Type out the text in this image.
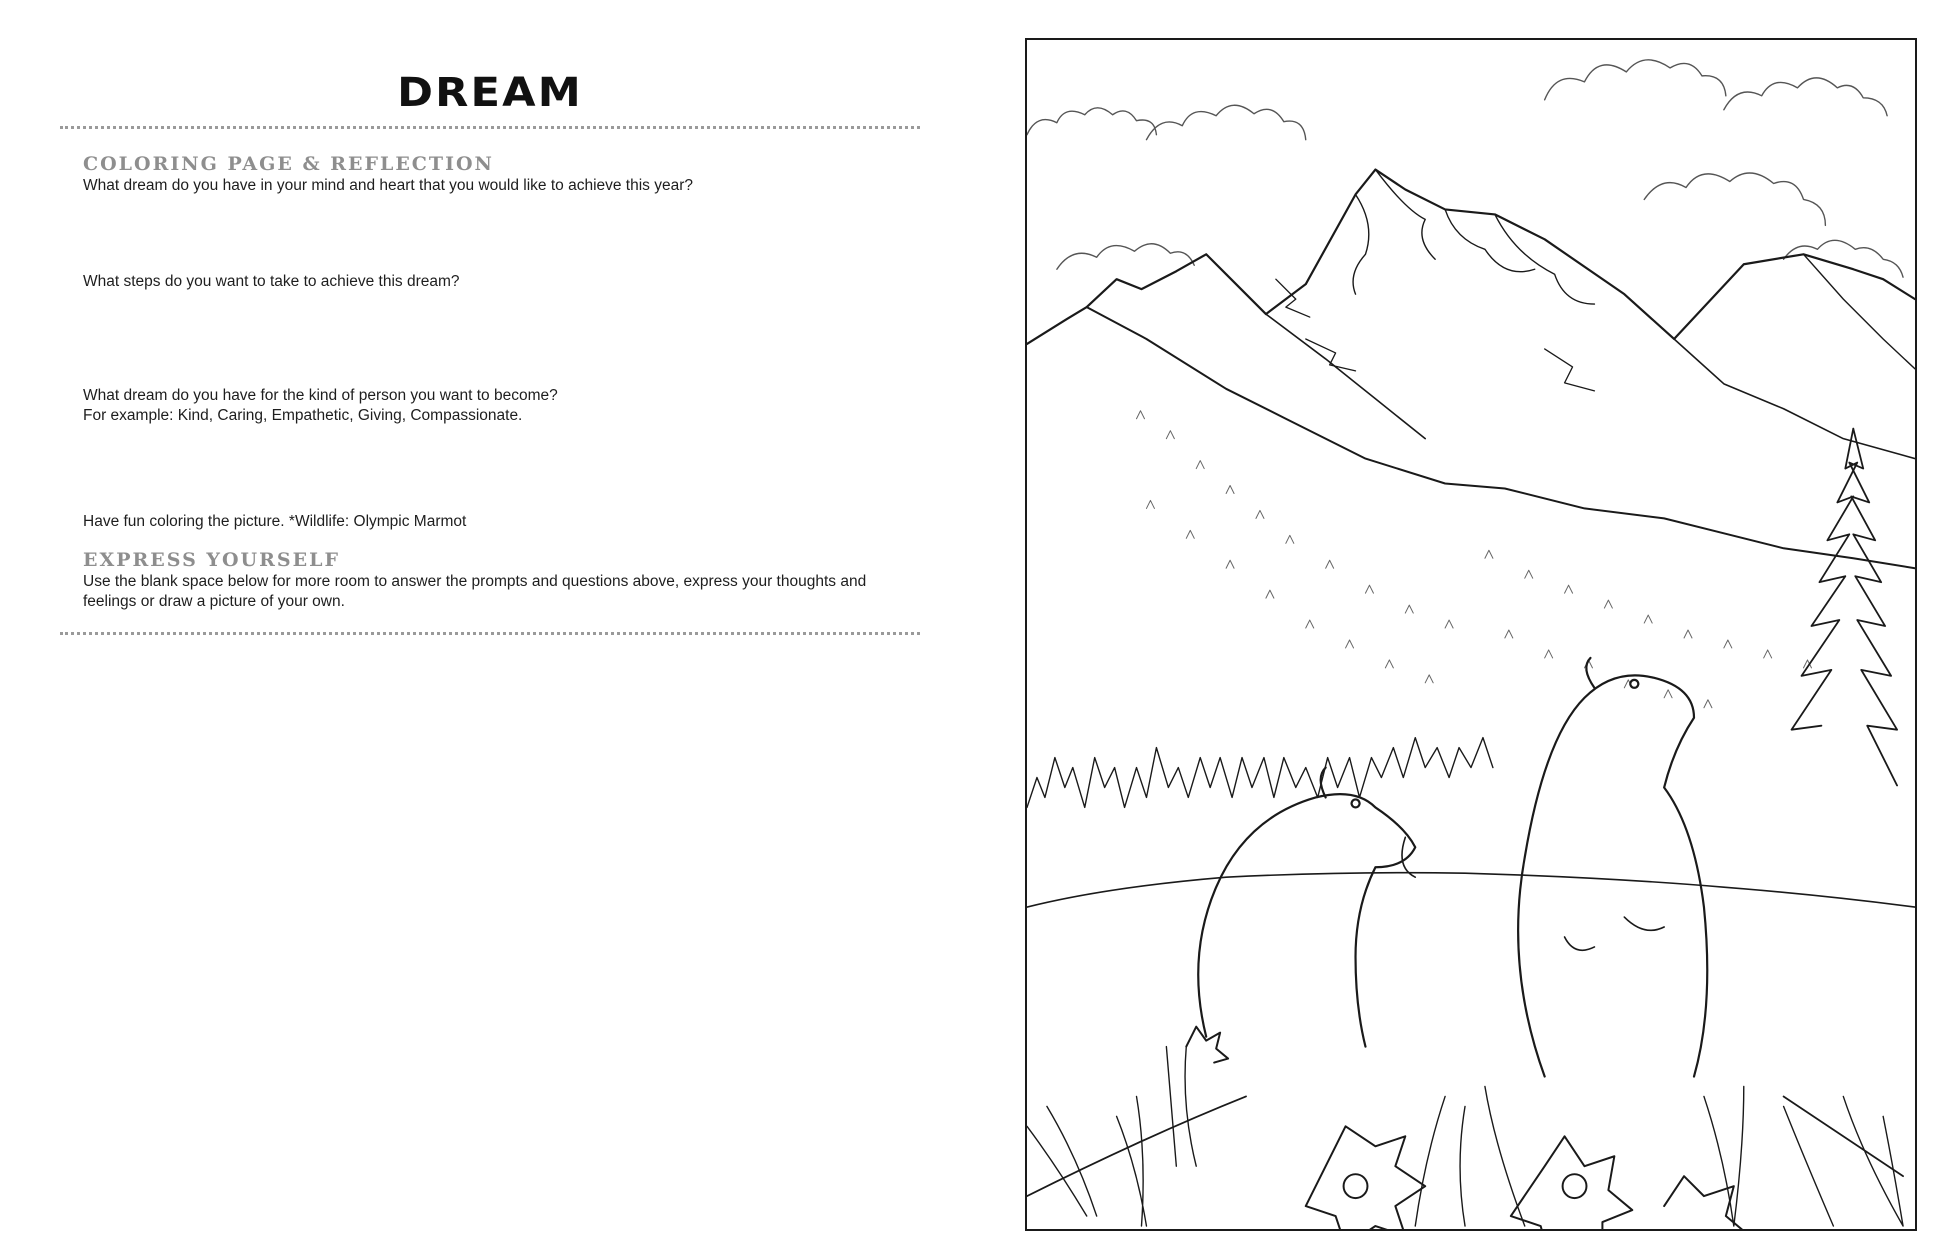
DREAM
COLORING PAGE & REFLECTION
What dream do you have in your mind and heart that you would like to achieve this year?
What steps do you want to take to achieve this dream?
What dream do you have for the kind of person you want to become?
For example: Kind, Caring, Empathetic, Giving, Compassionate.
Have fun coloring the picture. *Wildlife: Olympic Marmot
EXPRESS YOURSELF
Use the blank space below for more room to answer the prompts and questions above, express your thoughts and feelings or draw a picture of your own.
